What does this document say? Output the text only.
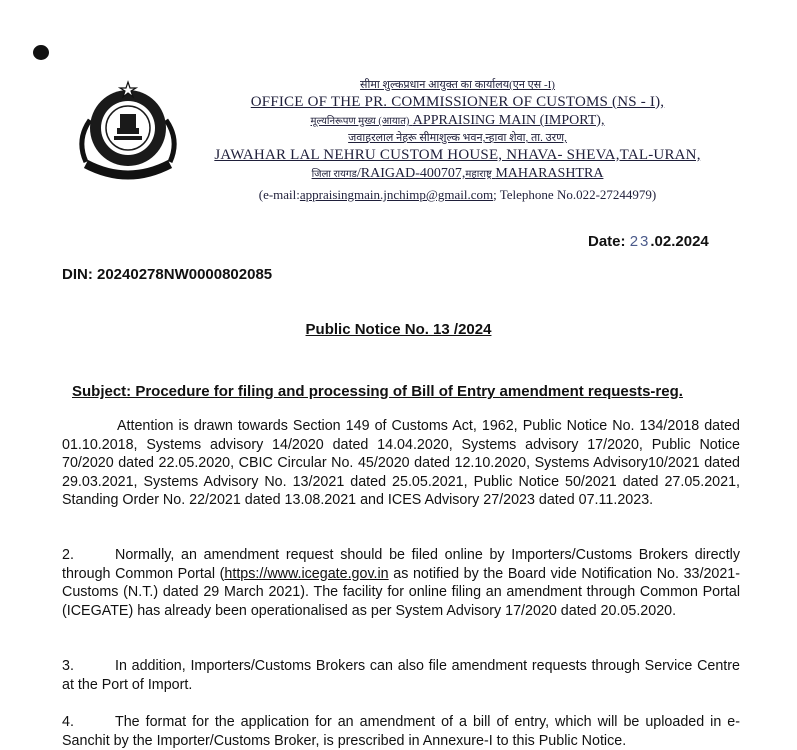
सीमा शुल्कप्रधान आयुक्त का कार्यालय(एन एस -I)
OFFICE OF THE PR. COMMISSIONER OF CUSTOMS (NS - I),
मूल्यनिरूपण मुख्य (आयात) APPRAISING MAIN (IMPORT),
जवाहरलाल नेहरू सीमाशुल्क भवन,न्हावा शेवा, ता. उरण,
JAWAHAR LAL NEHRU CUSTOM HOUSE, NHAVA- SHEVA,TAL-URAN,
जिला रायगड/RAIGAD-400707,महाराष्ट्र MAHARASHTRA
(e-mail:appraisingmain.jnchimp@gmail.com; Telephone No.022-27244979)
Date: 23.02.2024
DIN: 20240278NW0000802085
Public Notice No. 13 /2024
Subject: Procedure for filing and processing of Bill of Entry amendment requests-reg.
Attention is drawn towards Section 149 of Customs Act, 1962, Public Notice No. 134/2018 dated 01.10.2018, Systems advisory 14/2020 dated 14.04.2020, Systems advisory 17/2020, Public Notice 70/2020 dated 22.05.2020, CBIC Circular No. 45/2020 dated 12.10.2020, Systems Advisory10/2021 dated 29.03.2021, Systems Advisory No. 13/2021 dated 25.05.2021, Public Notice 50/2021 dated 27.05.2021, Standing Order No. 22/2021 dated 13.08.2021 and ICES Advisory 27/2023 dated 07.11.2023.
2.	Normally, an amendment request should be filed online by Importers/Customs Brokers directly through Common Portal (https://www.icegate.gov.in as notified by the Board vide Notification No. 33/2021-Customs (N.T.) dated 29 March 2021). The facility for online filing an amendment through Common Portal (ICEGATE) has already been operationalised as per System Advisory 17/2020 dated 20.05.2020.
3.	In addition, Importers/Customs Brokers can also file amendment requests through Service Centre at the Port of Import.
4.	The format for the application for an amendment of a bill of entry, which will be uploaded in e-Sanchit by the Importer/Customs Broker, is prescribed in Annexure-I to this Public Notice.
